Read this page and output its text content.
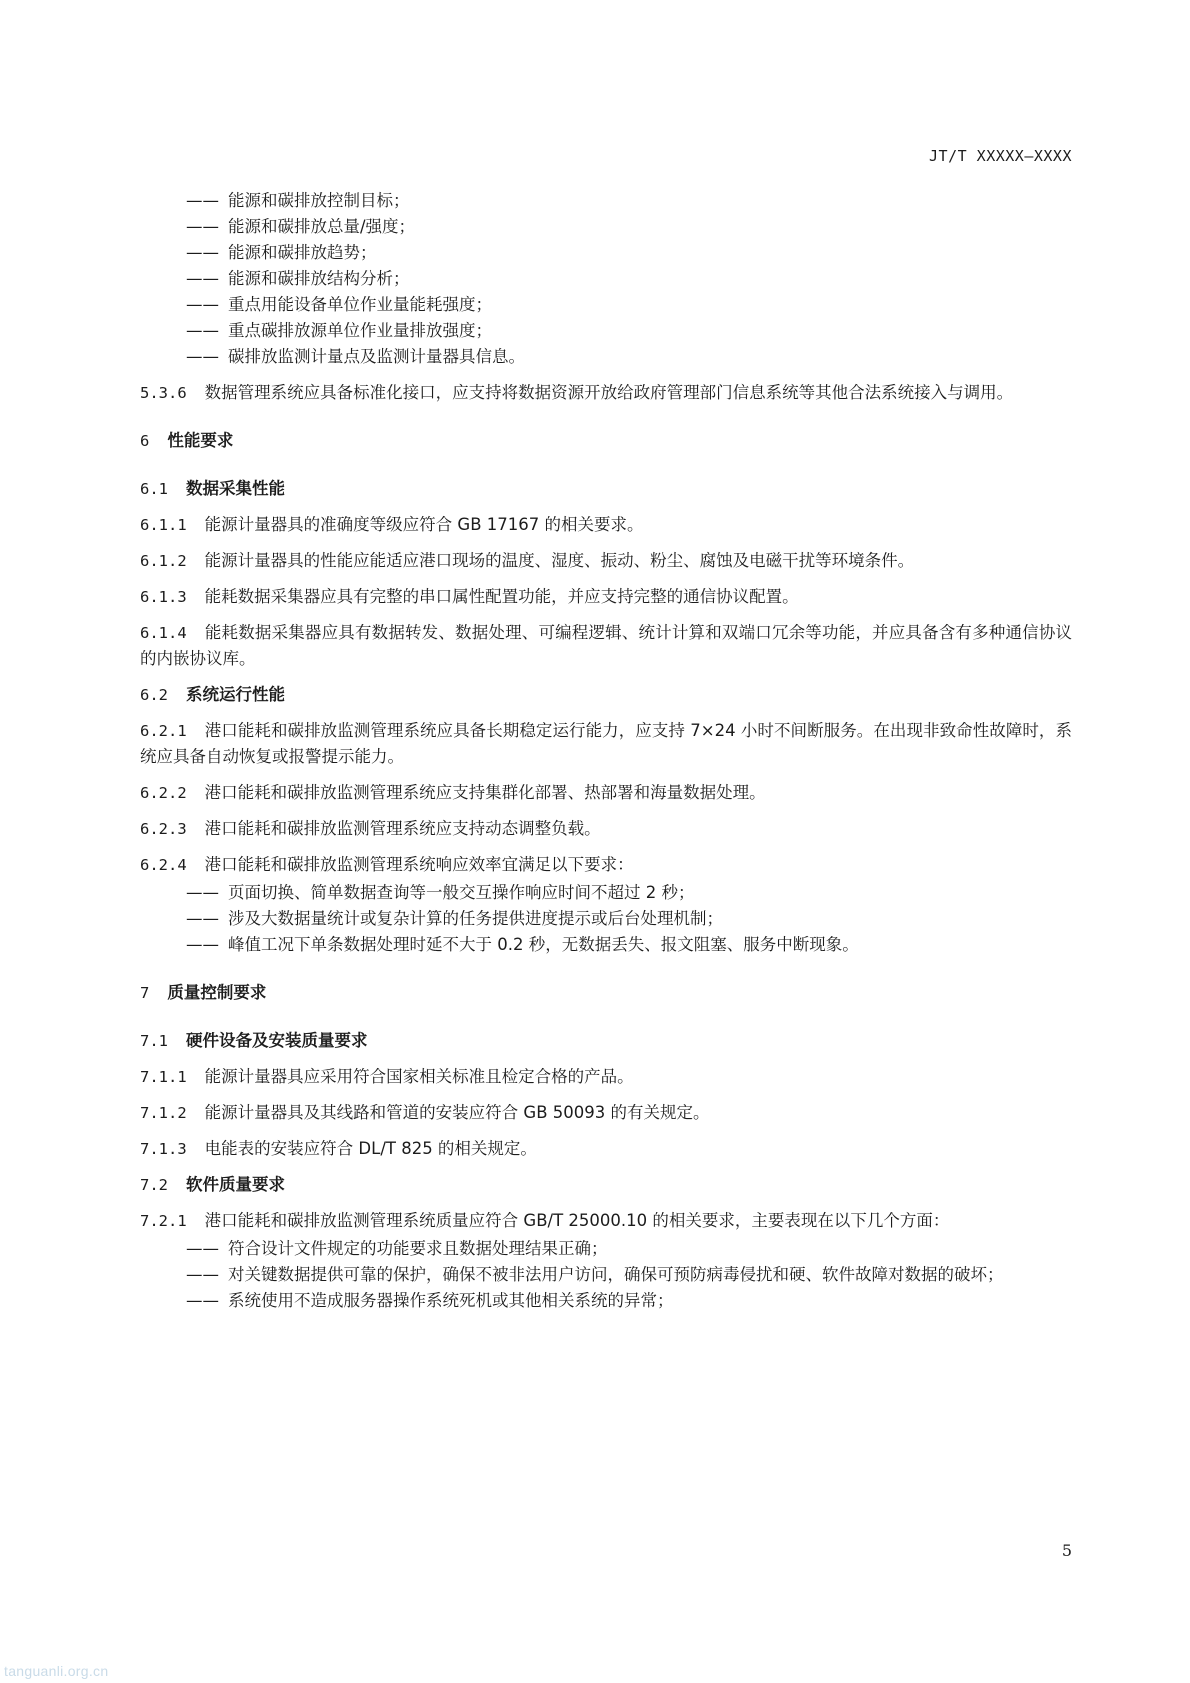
JT/T XXXXX—XXXX
—— 能源和碳排放控制目标；
—— 能源和碳排放总量/强度；
—— 能源和碳排放趋势；
—— 能源和碳排放结构分析；
—— 重点用能设备单位作业量能耗强度；
—— 重点碳排放源单位作业量排放强度；
—— 碳排放监测计量点及监测计量器具信息。

5.3.6 数据管理系统应具备标准化接口，应支持将数据资源开放给政府管理部门信息系统等其他合法系统接入与调用。

6 性能要求

6.1 数据采集性能

6.1.1 能源计量器具的准确度等级应符合 GB 17167 的相关要求。

6.1.2 能源计量器具的性能应能适应港口现场的温度、湿度、振动、粉尘、腐蚀及电磁干扰等环境条件。

6.1.3 能耗数据采集器应具有完整的串口属性配置功能，并应支持完整的通信协议配置。

6.1.4 能耗数据采集器应具有数据转发、数据处理、可编程逻辑、统计计算和双端口冗余等功能，并应具备含有多种通信协议的内嵌协议库。

6.2 系统运行性能

6.2.1 港口能耗和碳排放监测管理系统应具备长期稳定运行能力，应支持 7×24 小时不间断服务。在出现非致命性故障时，系统应具备自动恢复或报警提示能力。

6.2.2 港口能耗和碳排放监测管理系统应支持集群化部署、热部署和海量数据处理。

6.2.3 港口能耗和碳排放监测管理系统应支持动态调整负载。

6.2.4 港口能耗和碳排放监测管理系统响应效率宜满足以下要求：

—— 页面切换、简单数据查询等一般交互操作响应时间不超过 2 秒；
—— 涉及大数据量统计或复杂计算的任务提供进度提示或后台处理机制；
—— 峰值工况下单条数据处理时延不大于 0.2 秒，无数据丢失、报文阻塞、服务中断现象。

7 质量控制要求

7.1 硬件设备及安装质量要求

7.1.1 能源计量器具应采用符合国家相关标准且检定合格的产品。

7.1.2 能源计量器具及其线路和管道的安装应符合 GB 50093 的有关规定。

7.1.3 电能表的安装应符合 DL/T 825 的相关规定。

7.2 软件质量要求

7.2.1 港口能耗和碳排放监测管理系统质量应符合 GB/T 25000.10 的相关要求，主要表现在以下几个方面：

—— 符合设计文件规定的功能要求且数据处理结果正确；
—— 对关键数据提供可靠的保护，确保不被非法用户访问，确保可预防病毒侵扰和硬、软件故障对数据的破坏；
—— 系统使用不造成服务器操作系统死机或其他相关系统的异常；
5
tanguanli.org.cn
